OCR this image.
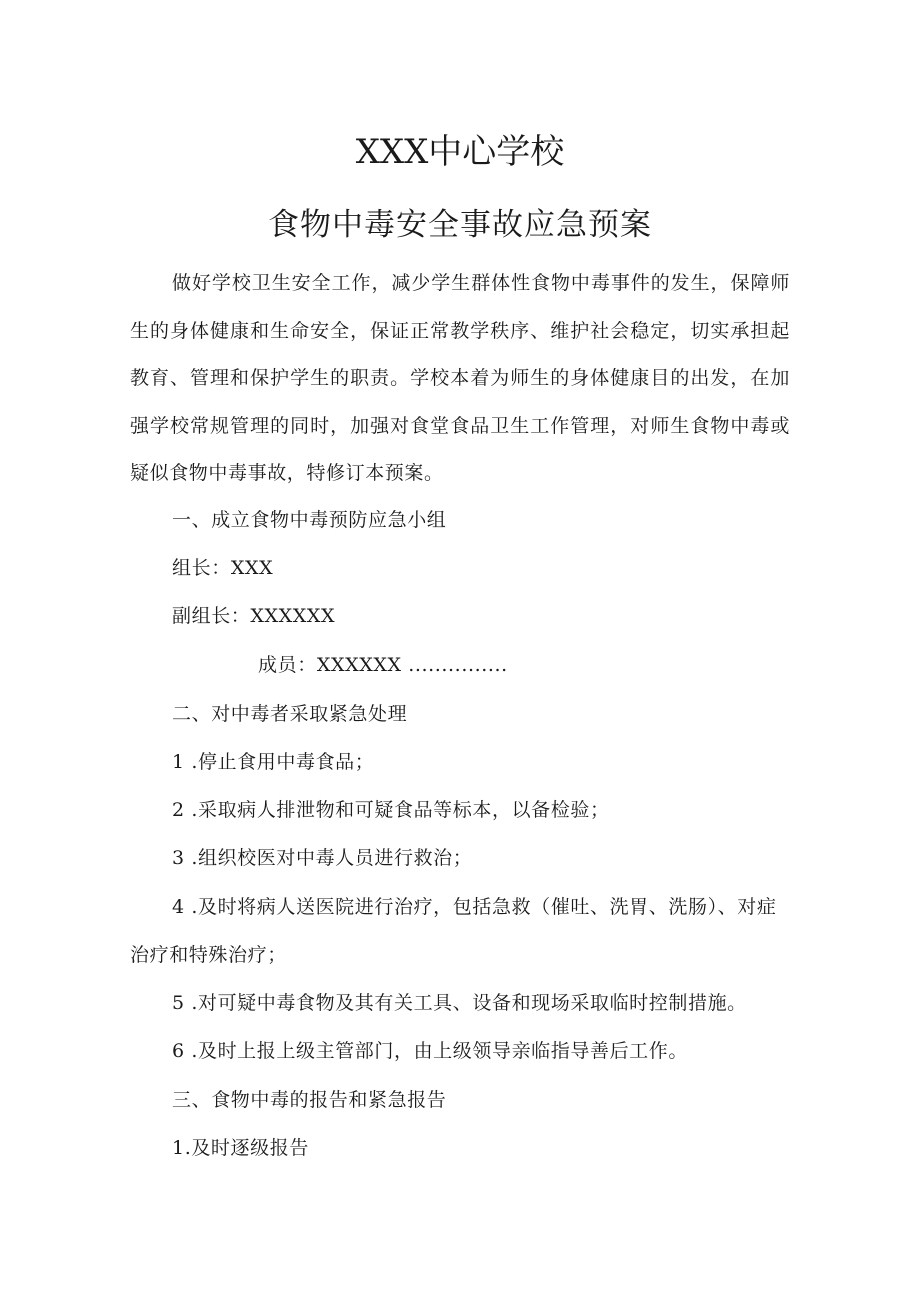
XXX中心学校
食物中毒安全事故应急预案
做好学校卫生安全工作，减少学生群体性食物中毒事件的发生，保障师生的身体健康和生命安全，保证正常教学秩序、维护社会稳定，切实承担起教育、管理和保护学生的职责。学校本着为师生的身体健康目的出发，在加强学校常规管理的同时，加强对食堂食品卫生工作管理，对师生食物中毒或疑似食物中毒事故，特修订本预案。
一、成立食物中毒预防应急小组
组长：XXX
副组长：XXXXXX
成员：XXXXXX ...............
二、对中毒者采取紧急处理
1 .停止食用中毒食品；
2 .采取病人排泄物和可疑食品等标本，以备检验；
3 .组织校医对中毒人员进行救治；
4 .及时将病人送医院进行治疗，包括急救（催吐、洗胃、洗肠）、对症治疗和特殊治疗；
5 .对可疑中毒食物及其有关工具、设备和现场采取临时控制措施。
6 .及时上报上级主管部门，由上级领导亲临指导善后工作。
三、食物中毒的报告和紧急报告
1.及时逐级报告
